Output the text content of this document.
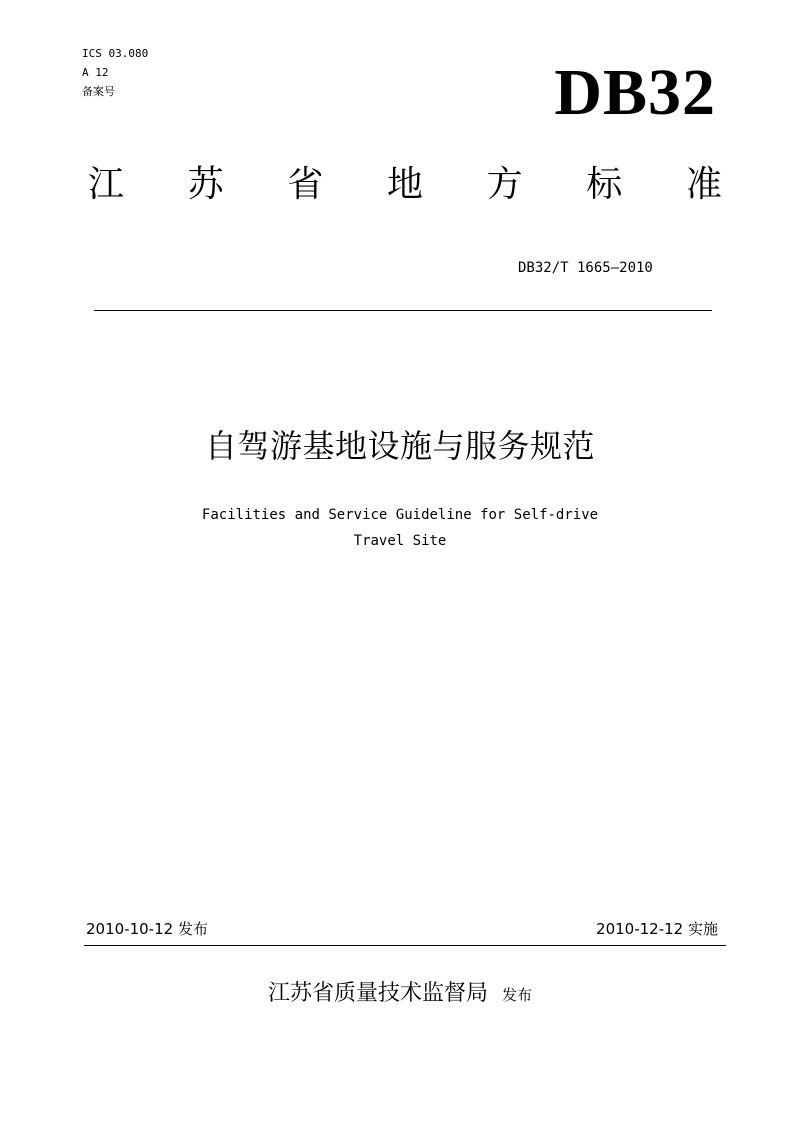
ICS 03.080
A 12
备案号	DB32
江 苏 省 地 方 标 准
DB32/T 1665—2010
自驾游基地设施与服务规范
Facilities and Service Guideline for Self-drive
Travel Site
2010-10-12 发布	2010-12-12 实施
江苏省质量技术监督局 发布
